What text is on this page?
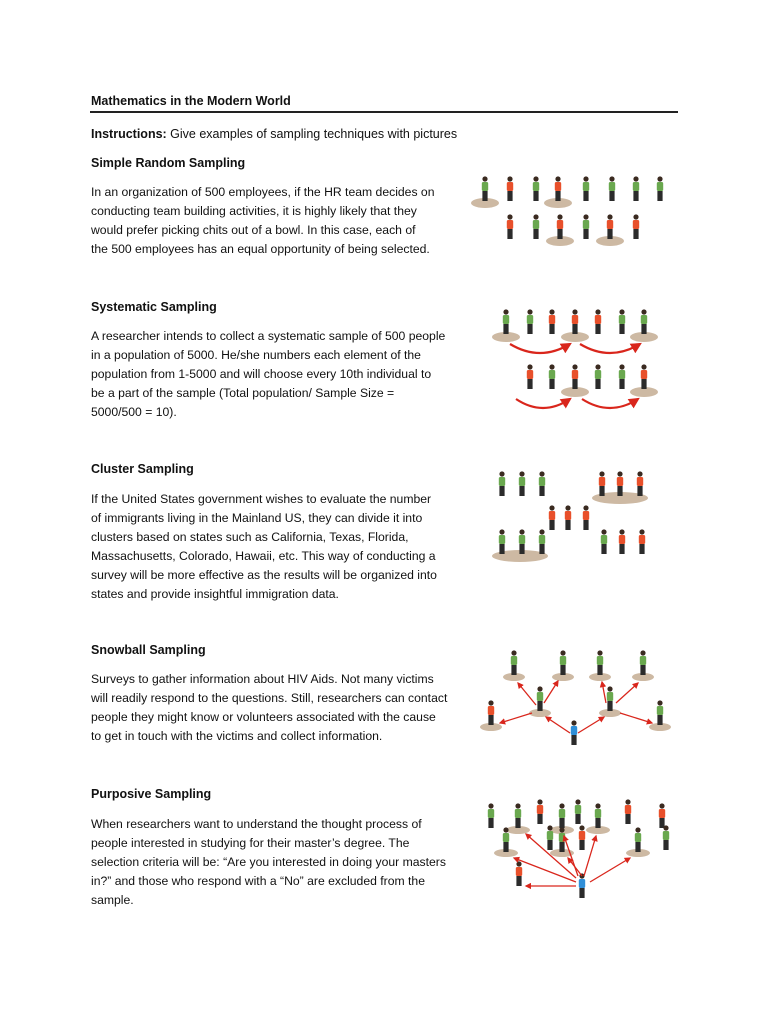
Mathematics in the Modern World
Instructions: Give examples of sampling techniques with pictures
Simple Random Sampling
In an organization of 500 employees, if the HR team decides on
conducting team building activities, it is highly likely that they
would prefer picking chits out of a bowl. In this case, each of
the 500 employees has an equal opportunity of being selected.
Systematic Sampling
A researcher intends to collect a systematic sample of 500 people
in a population of 5000. He/she numbers each element of the
population from 1-5000 and will choose every 10th individual to
be a part of the sample (Total population/ Sample Size =
5000/500 = 10).
Cluster Sampling
If the United States government wishes to evaluate the number
of immigrants living in the Mainland US, they can divide it into
clusters based on states such as California, Texas, Florida,
Massachusetts, Colorado, Hawaii, etc. This way of conducting a
survey will be more effective as the results will be organized into
states and provide insightful immigration data.
Snowball Sampling
Surveys to gather information about HIV Aids. Not many victims
will readily respond to the questions. Still, researchers can contact
people they might know or volunteers associated with the cause
to get in touch with the victims and collect information.
Purposive Sampling
When researchers want to understand the thought process of
people interested in studying for their master’s degree. The
selection criteria will be: “Are you interested in doing your masters
in?” and those who respond with a “No” are excluded from the
sample.
